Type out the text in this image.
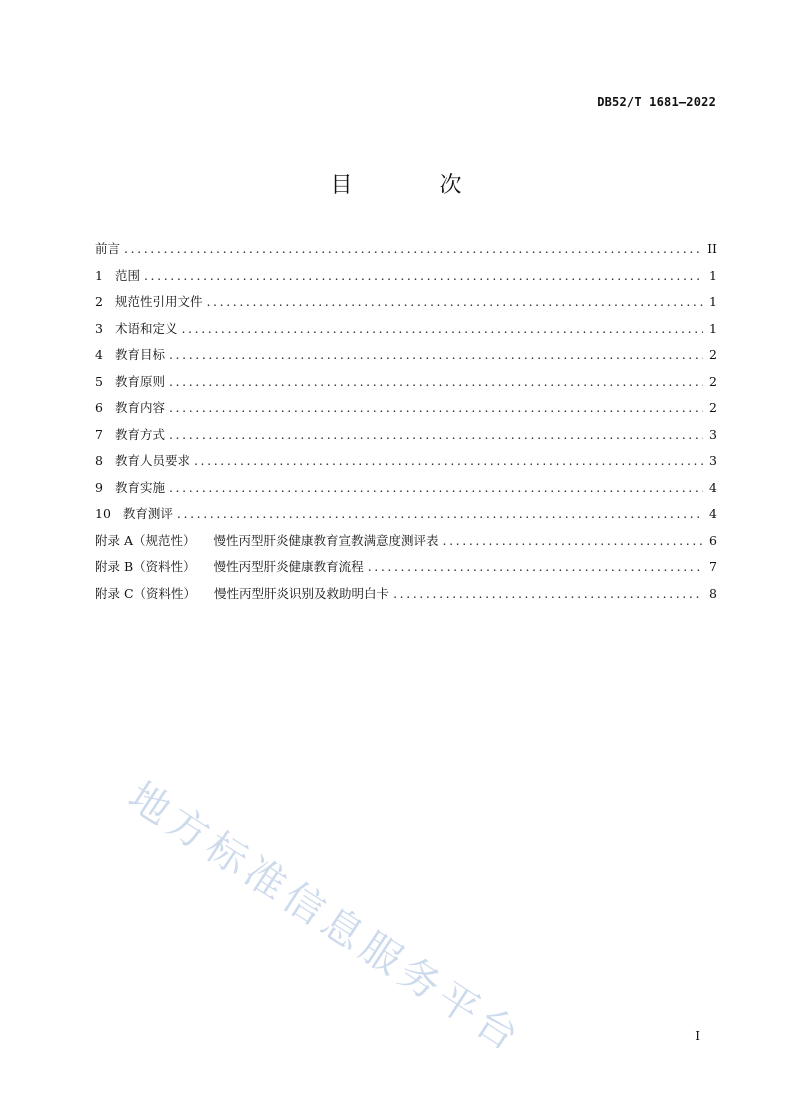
DB52/T 1681—2022
目 次
前言 .....	II
1 范围 .....	1
2 规范性引用文件 .....	1
3 术语和定义 .....	1
4 教育目标 .....	2
5 教育原则 .....	2
6 教育内容 .....	2
7 教育方式 .....	3
8 教育人员要求 .....	3
9 教育实施 .....	4
10 教育测评 .....	4
附录 A（规范性） 慢性丙型肝炎健康教育宣教满意度测评表 .....	6
附录 B（资料性） 慢性丙型肝炎健康教育流程 .....	7
附录 C（资料性） 慢性丙型肝炎识别及救助明白卡 .....	8
地方标准信息服务平台	I
